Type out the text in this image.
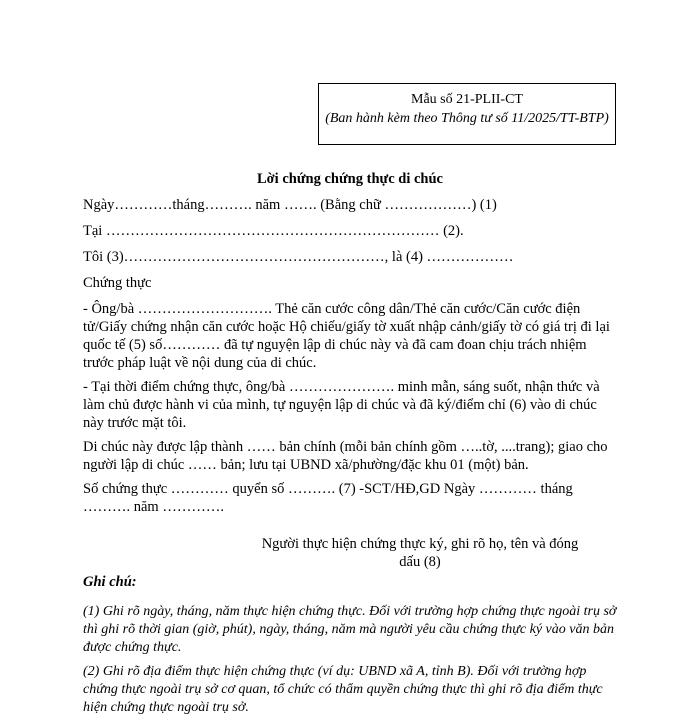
Mẫu số 21-PLII-CT
(Ban hành kèm theo Thông tư số 11/2025/TT-BTP)
Lời chứng chứng thực di chúc

Ngày…………tháng………. năm ……. (Bằng chữ ………………) (1)

Tại …………………………………………………………… (2).

Tôi (3)………………………………………………, là (4) ………………

Chứng thực

- Ông/bà ………………………. Thẻ căn cước công dân/Thẻ căn cước/Căn cước điện tử/Giấy chứng nhận căn cước hoặc Hộ chiếu/giấy tờ xuất nhập cảnh/giấy tờ có giá trị đi lại quốc tế (5) số………… đã tự nguyện lập di chúc này và đã cam đoan chịu trách nhiệm trước pháp luật về nội dung của di chúc.

- Tại thời điểm chứng thực, ông/bà …………………. minh mẫn, sáng suốt, nhận thức và làm chủ được hành vi của mình, tự nguyện lập di chúc và đã ký/điểm chỉ (6) vào di chúc này trước mặt tôi.

Di chúc này được lập thành …… bản chính (mỗi bản chính gồm …..tờ, ....trang); giao cho người lập di chúc …… bản; lưu tại UBND xã/phường/đặc khu 01 (một) bản.

Số chứng thực ………… quyển số ………. (7) -SCT/HĐ,GD Ngày ………… tháng ………. năm ………….

Người thực hiện chứng thực ký, ghi rõ họ, tên và đóng dấu (8)

Ghi chú:

(1) Ghi rõ ngày, tháng, năm thực hiện chứng thực. Đối với trường hợp chứng thực ngoài trụ sở thì ghi rõ thời gian (giờ, phút), ngày, tháng, năm mà người yêu cầu chứng thực ký vào văn bản được chứng thực.

(2) Ghi rõ địa điểm thực hiện chứng thực (ví dụ: UBND xã A, tỉnh B). Đối với trường hợp chứng thực ngoài trụ sở cơ quan, tổ chức có thẩm quyền chứng thực thì ghi rõ địa điểm thực hiện chứng thực ngoài trụ sở.
